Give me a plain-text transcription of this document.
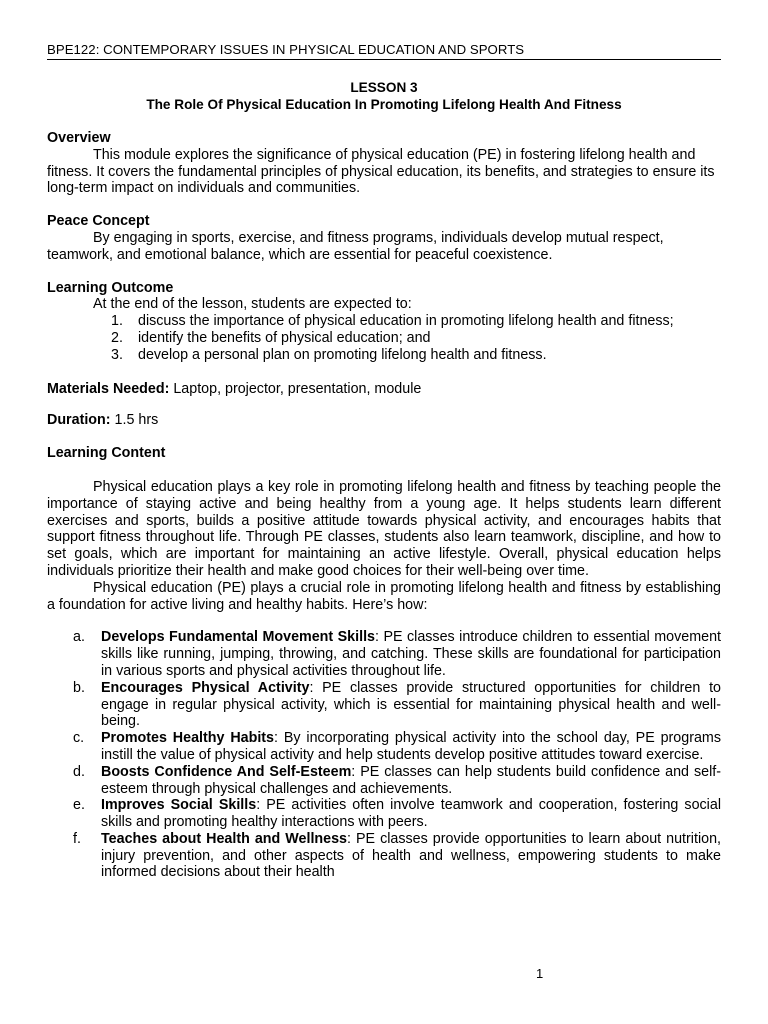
BPE122: CONTEMPORARY ISSUES IN PHYSICAL EDUCATION AND SPORTS
LESSON 3
The Role Of Physical Education In Promoting Lifelong Health And Fitness
Overview

This module explores the significance of physical education (PE) in fostering lifelong health and fitness. It covers the fundamental principles of physical education, its benefits, and strategies to ensure its long-term impact on individuals and communities.

Peace Concept

By engaging in sports, exercise, and fitness programs, individuals develop mutual respect, teamwork, and emotional balance, which are essential for peaceful coexistence.

Learning Outcome

At the end of the lesson, students are expected to:

1. discuss the importance of physical education in promoting lifelong health and fitness;
2. identify the benefits of physical education; and
3. develop a personal plan on promoting lifelong health and fitness.

Materials Needed: Laptop, projector, presentation, module

Duration: 1.5 hrs

Learning Content

Physical education plays a key role in promoting lifelong health and fitness by teaching people the importance of staying active and being healthy from a young age. It helps students learn different exercises and sports, builds a positive attitude towards physical activity, and encourages habits that support fitness throughout life. Through PE classes, students also learn teamwork, discipline, and how to set goals, which are important for maintaining an active lifestyle. Overall, physical education helps individuals prioritize their health and make good choices for their well-being over time.

Physical education (PE) plays a crucial role in promoting lifelong health and fitness by establishing a foundation for active living and healthy habits. Here’s how:

a. Develops Fundamental Movement Skills: PE classes introduce children to essential movement skills like running, jumping, throwing, and catching. These skills are foundational for participation in various sports and physical activities throughout life.
b. Encourages Physical Activity: PE classes provide structured opportunities for children to engage in regular physical activity, which is essential for maintaining physical health and well-being.
c. Promotes Healthy Habits: By incorporating physical activity into the school day, PE programs instill the value of physical activity and help students develop positive attitudes toward exercise.
d. Boosts Confidence And Self-Esteem: PE classes can help students build confidence and self-esteem through physical challenges and achievements.
e. Improves Social Skills: PE activities often involve teamwork and cooperation, fostering social skills and promoting healthy interactions with peers.
f. Teaches about Health and Wellness: PE classes provide opportunities to learn about nutrition, injury prevention, and other aspects of health and wellness, empowering students to make informed decisions about their health
1
